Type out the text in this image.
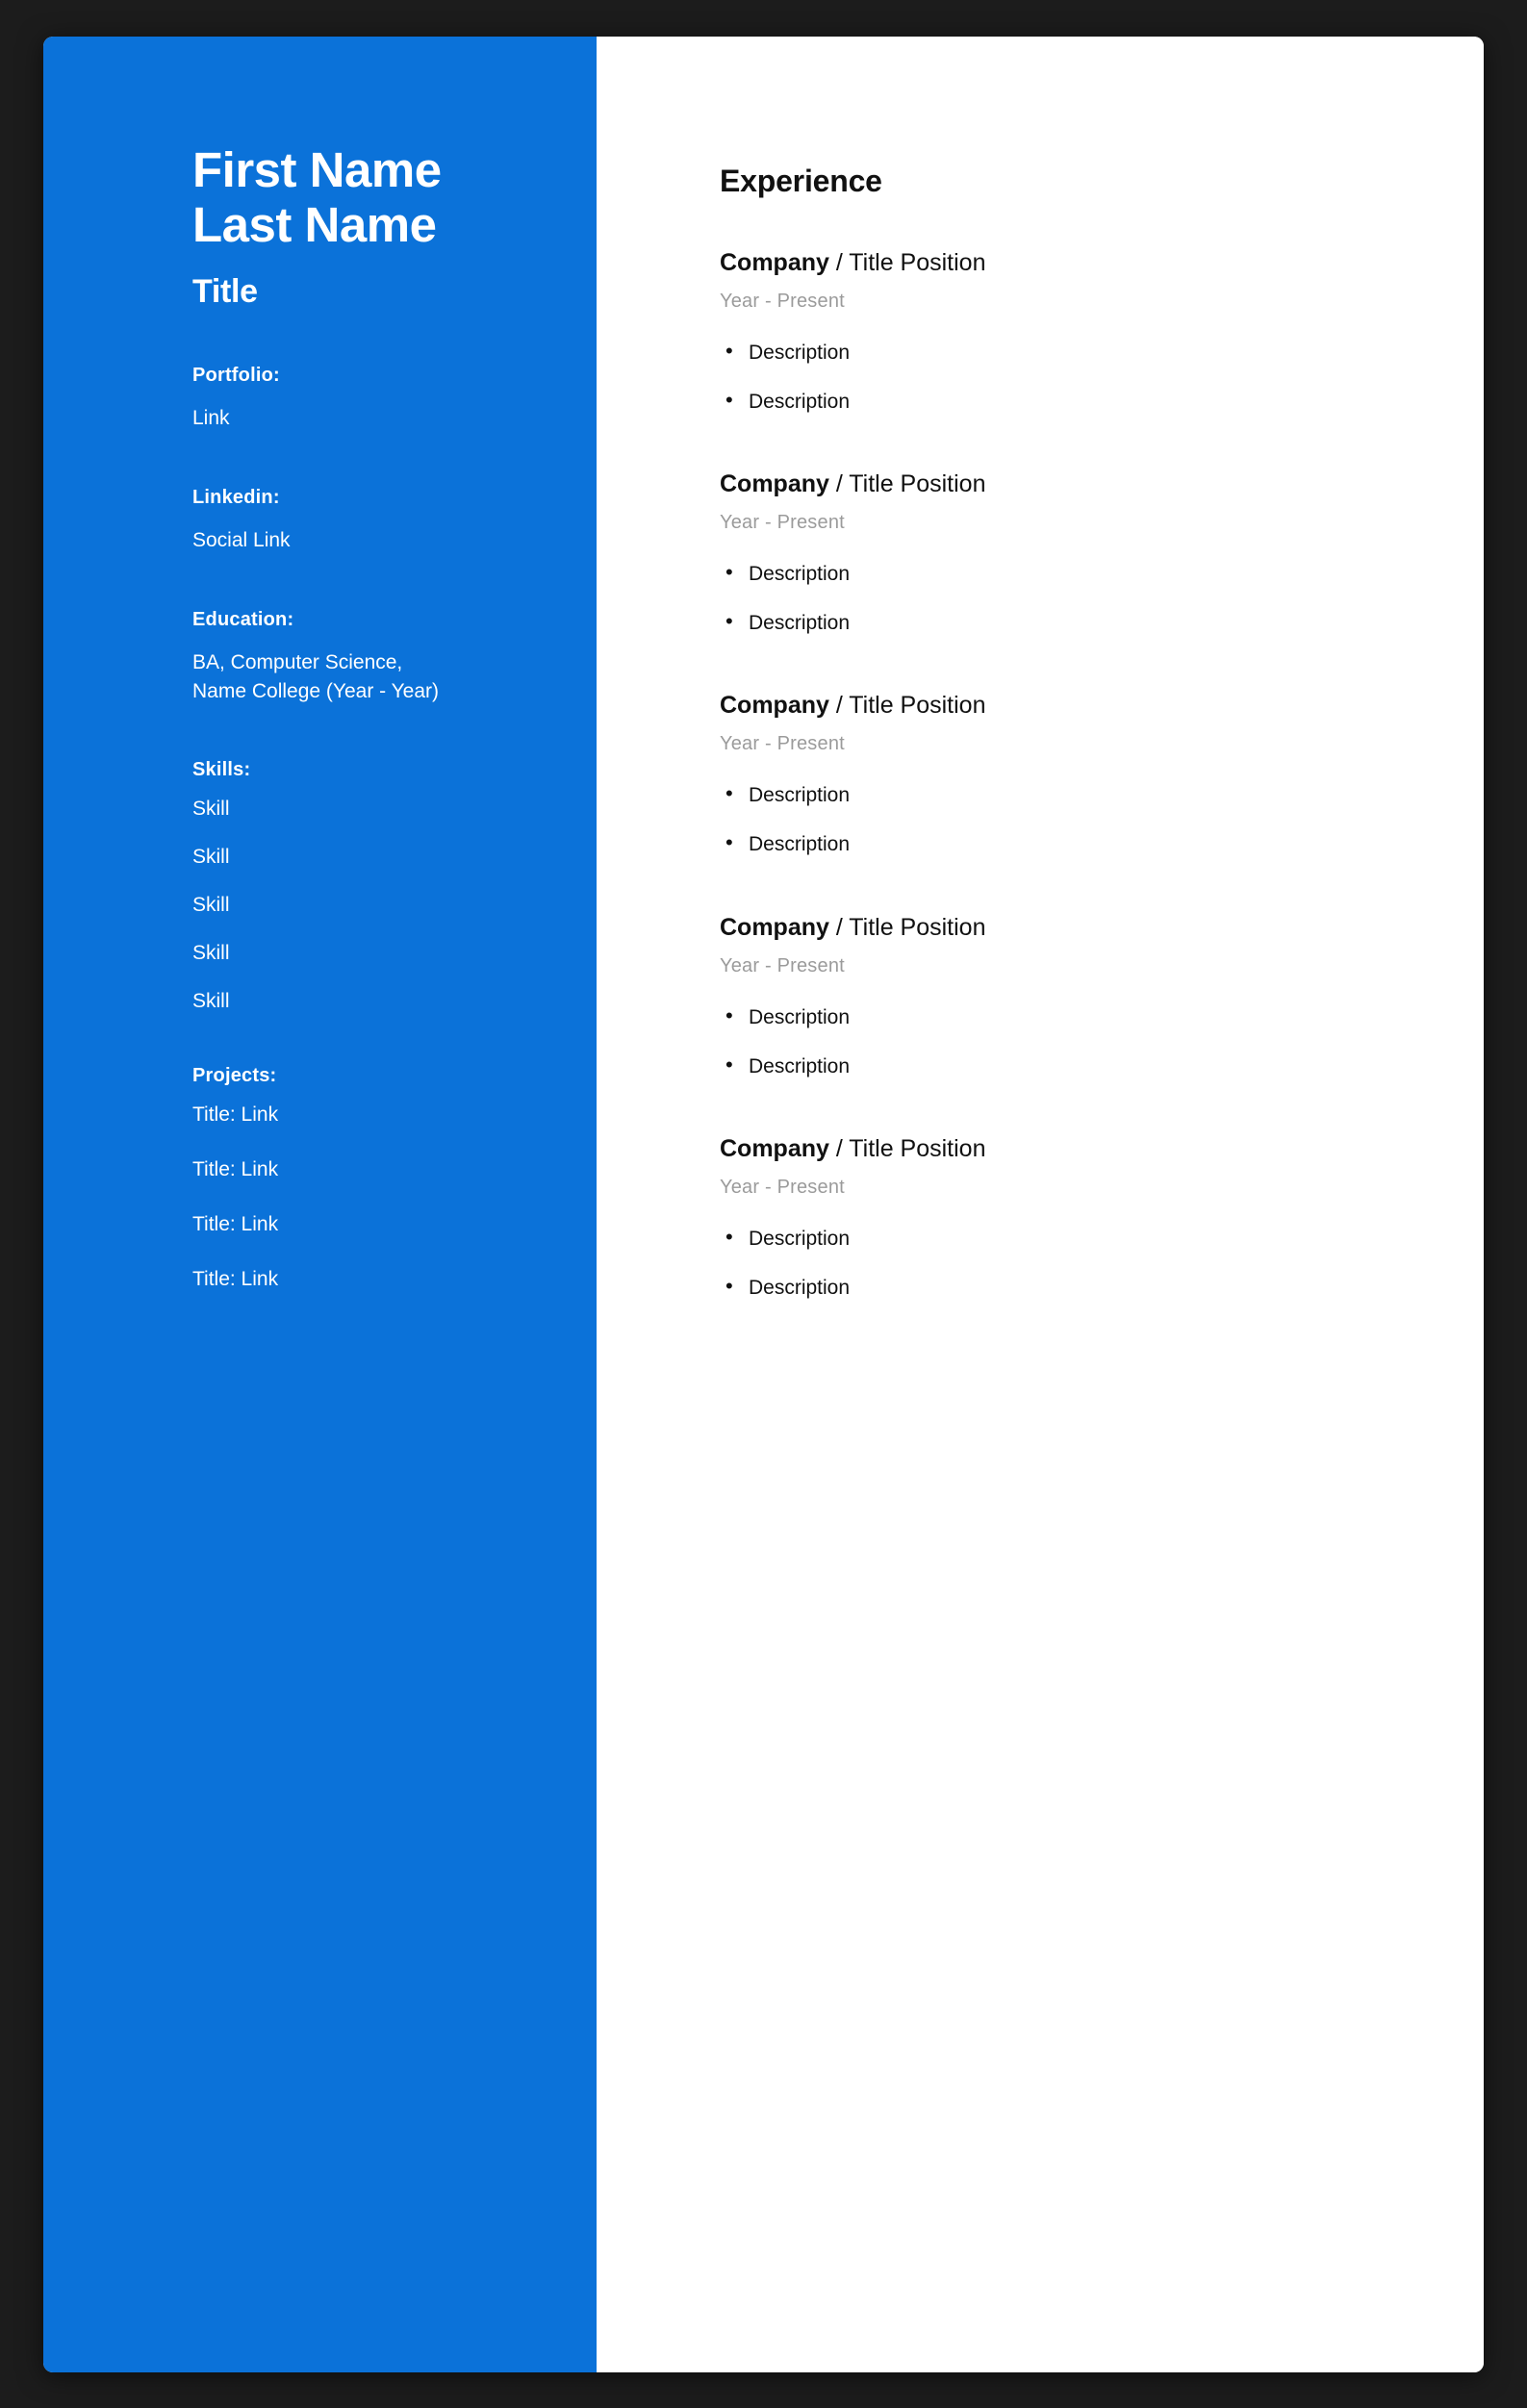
First Name
Last Name
Title
Portfolio:
Link
Linkedin:
Social Link
Education:
BA, Computer Science,
Name College (Year - Year)
Skills:
Skill
Skill
Skill
Skill
Skill
Projects:
Title: Link
Title: Link
Title: Link
Title: Link
Experience
Company / Title Position
Year - Present
• Description
• Description
Company / Title Position
Year - Present
• Description
• Description
Company / Title Position
Year - Present
• Description
• Description
Company / Title Position
Year - Present
• Description
• Description
Company / Title Position
Year - Present
• Description
• Description
